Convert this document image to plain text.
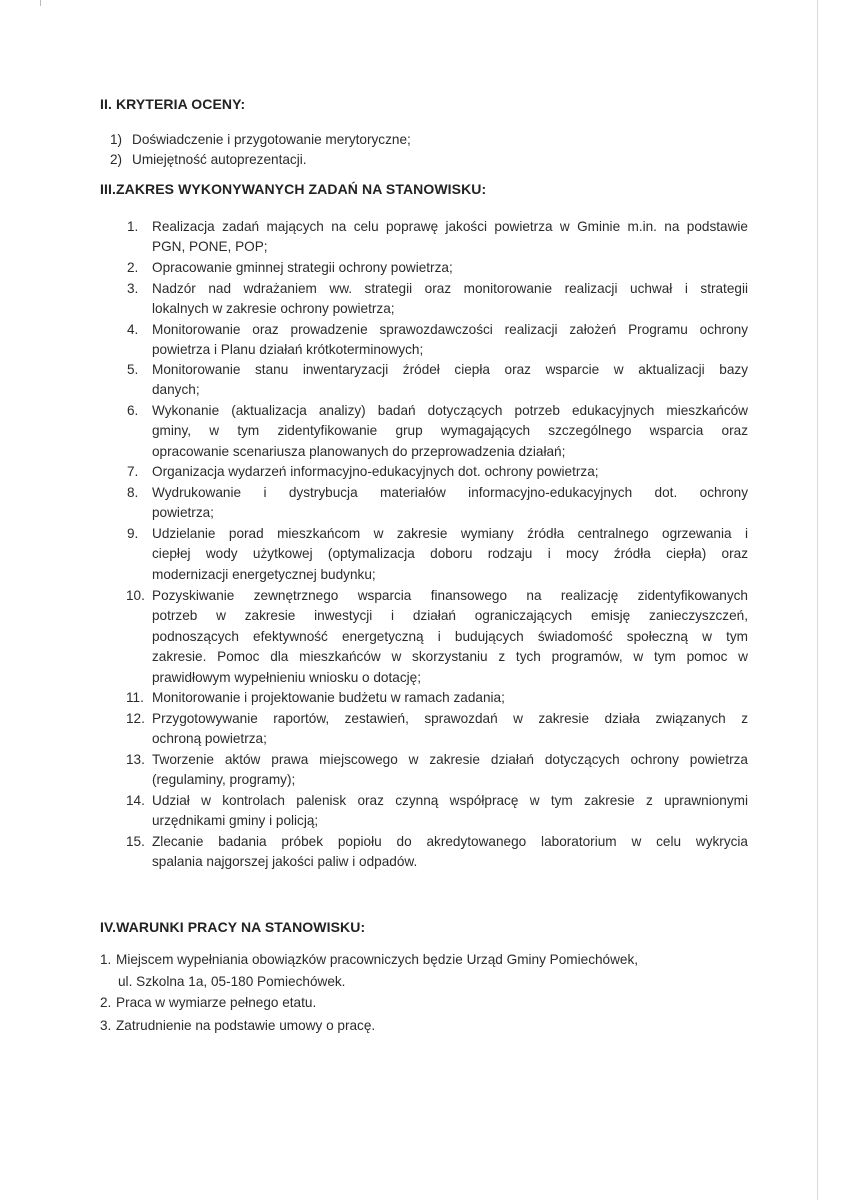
II. KRYTERIA OCENY:
1) Doświadczenie i przygotowanie merytoryczne;
2) Umiejętność autoprezentacji.
III.ZAKRES WYKONYWANYCH ZADAŃ NA STANOWISKU:
1. Realizacja zadań mających na celu poprawę jakości powietrza w Gminie m.in. na podstawie
PGN, PONE, POP;
2. Opracowanie gminnej strategii ochrony powietrza;
3. Nadzór nad wdrażaniem ww. strategii oraz monitorowanie realizacji uchwał i strategii
lokalnych w zakresie ochrony powietrza;
4. Monitorowanie oraz prowadzenie sprawozdawczości realizacji założeń Programu ochrony
powietrza i Planu działań krótkoterminowych;
5. Monitorowanie stanu inwentaryzacji źródeł ciepła oraz wsparcie w aktualizacji bazy
danych;
6. Wykonanie (aktualizacja analizy) badań dotyczących potrzeb edukacyjnych mieszkańców
gminy, w tym zidentyfikowanie grup wymagających szczególnego wsparcia oraz
opracowanie scenariusza planowanych do przeprowadzenia działań;
7. Organizacja wydarzeń informacyjno-edukacyjnych dot. ochrony powietrza;
8. Wydrukowanie i dystrybucja materiałów informacyjno-edukacyjnych dot. ochrony
powietrza;
9. Udzielanie porad mieszkańcom w zakresie wymiany źródła centralnego ogrzewania i
ciepłej wody użytkowej (optymalizacja doboru rodzaju i mocy źródła ciepła) oraz
modernizacji energetycznej budynku;
10. Pozyskiwanie zewnętrznego wsparcia finansowego na realizację zidentyfikowanych
potrzeb w zakresie inwestycji i działań ograniczających emisję zanieczyszczeń,
podnoszących efektywność energetyczną i budujących świadomość społeczną w tym
zakresie. Pomoc dla mieszkańców w skorzystaniu z tych programów, w tym pomoc w
prawidłowym wypełnieniu wniosku o dotację;
11. Monitorowanie i projektowanie budżetu w ramach zadania;
12. Przygotowywanie raportów, zestawień, sprawozdań w zakresie działa związanych z
ochroną powietrza;
13. Tworzenie aktów prawa miejscowego w zakresie działań dotyczących ochrony powietrza
(regulaminy, programy);
14. Udział w kontrolach palenisk oraz czynną współpracę w tym zakresie z uprawnionymi
urzędnikami gminy i policją;
15. Zlecanie badania próbek popiołu do akredytowanego laboratorium w celu wykrycia
spalania najgorszej jakości paliw i odpadów.
IV.WARUNKI PRACY NA STANOWISKU:
1. Miejscem wypełniania obowiązków pracowniczych będzie Urząd Gminy Pomiechówek,
ul. Szkolna 1a, 05-180 Pomiechówek.
2. Praca w wymiarze pełnego etatu.
3. Zatrudnienie na podstawie umowy o pracę.
